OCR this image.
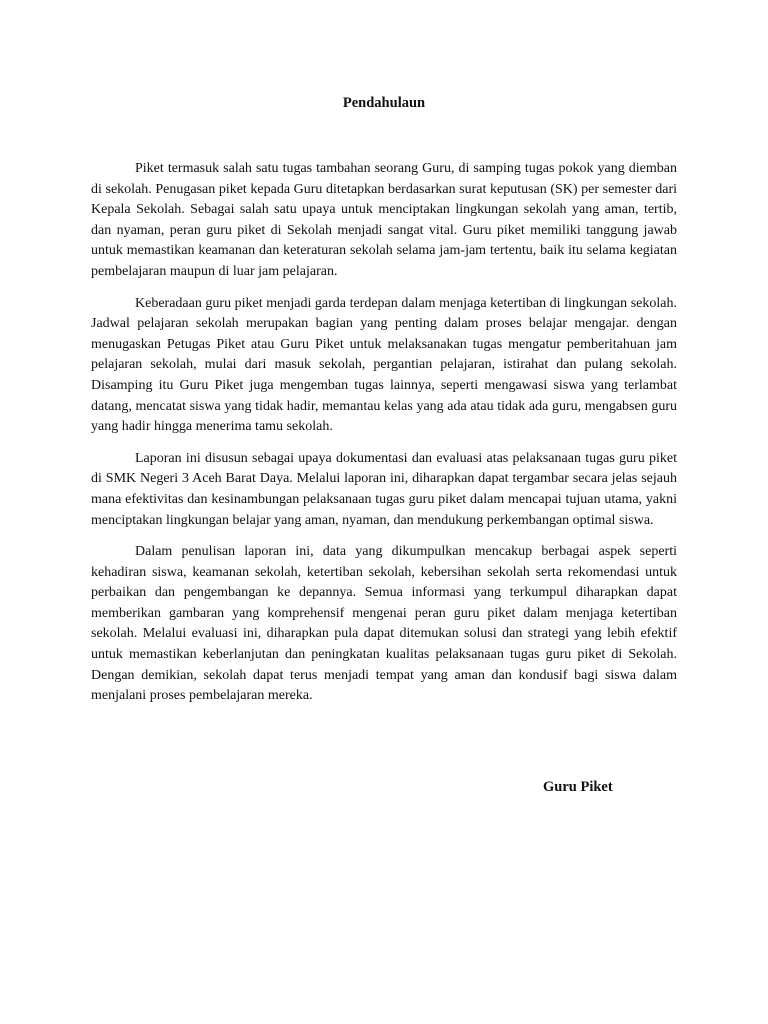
Pendahulaun

Piket termasuk salah satu tugas tambahan seorang Guru, di samping tugas pokok yang diemban di sekolah. Penugasan piket kepada Guru ditetapkan berdasarkan surat keputusan (SK) per semester dari Kepala Sekolah. Sebagai salah satu upaya untuk menciptakan lingkungan sekolah yang aman, tertib, dan nyaman, peran guru piket di Sekolah menjadi sangat vital. Guru piket memiliki tanggung jawab untuk memastikan keamanan dan keteraturan sekolah selama jam-jam tertentu, baik itu selama kegiatan pembelajaran maupun di luar jam pelajaran.

Keberadaan guru piket menjadi garda terdepan dalam menjaga ketertiban di lingkungan sekolah. Jadwal pelajaran sekolah merupakan bagian yang penting dalam proses belajar mengajar. dengan menugaskan Petugas Piket atau Guru Piket untuk melaksanakan tugas mengatur pemberitahuan jam pelajaran sekolah, mulai dari masuk sekolah, pergantian pelajaran, istirahat dan pulang sekolah. Disamping itu Guru Piket juga mengemban tugas lainnya, seperti mengawasi siswa yang terlambat datang, mencatat siswa yang tidak hadir, memantau kelas yang ada atau tidak ada guru, mengabsen guru yang hadir hingga menerima tamu sekolah.

Laporan ini disusun sebagai upaya dokumentasi dan evaluasi atas pelaksanaan tugas guru piket di SMK Negeri 3 Aceh Barat Daya. Melalui laporan ini, diharapkan dapat tergambar secara jelas sejauh mana efektivitas dan kesinambungan pelaksanaan tugas guru piket dalam mencapai tujuan utama, yakni menciptakan lingkungan belajar yang aman, nyaman, dan mendukung perkembangan optimal siswa.

Dalam penulisan laporan ini, data yang dikumpulkan mencakup berbagai aspek seperti kehadiran siswa, keamanan sekolah, ketertiban sekolah, kebersihan sekolah serta rekomendasi untuk perbaikan dan pengembangan ke depannya. Semua informasi yang terkumpul diharapkan dapat memberikan gambaran yang komprehensif mengenai peran guru piket dalam menjaga ketertiban sekolah. Melalui evaluasi ini, diharapkan pula dapat ditemukan solusi dan strategi yang lebih efektif untuk memastikan keberlanjutan dan peningkatan kualitas pelaksanaan tugas guru piket di Sekolah. Dengan demikian, sekolah dapat terus menjadi tempat yang aman dan kondusif bagi siswa dalam menjalani proses pembelajaran mereka.

Guru Piket
